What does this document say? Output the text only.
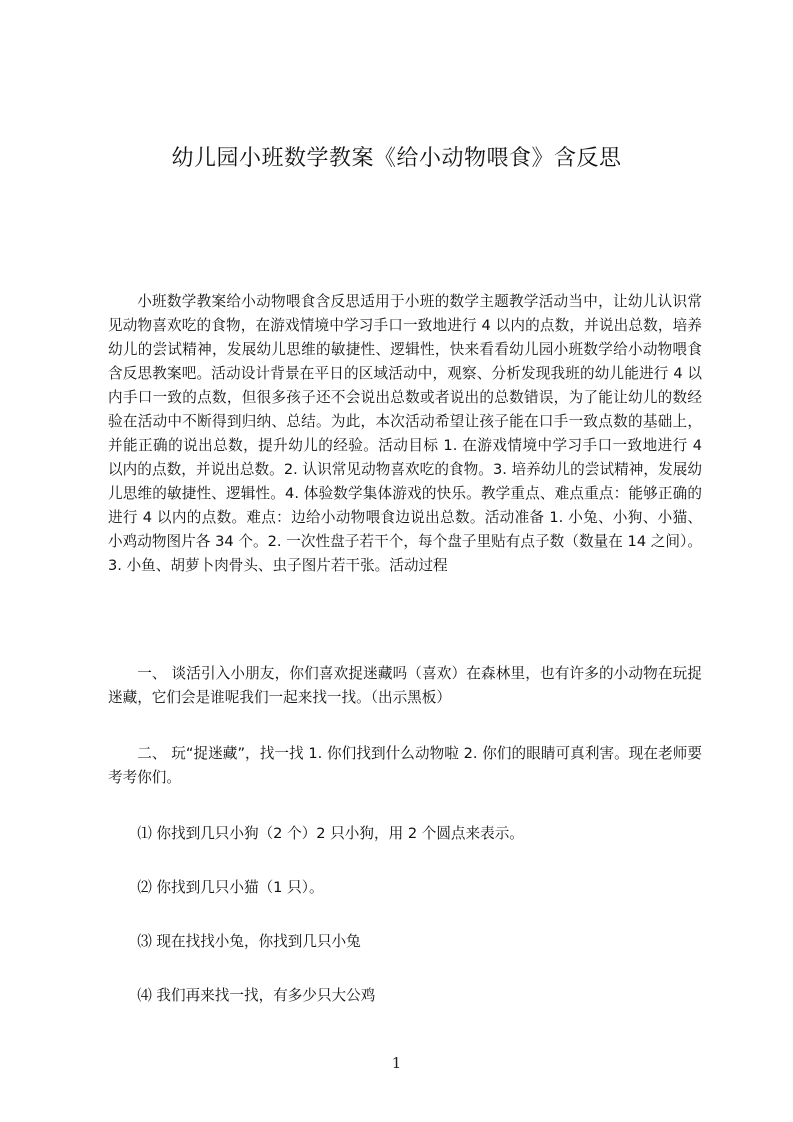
幼儿园小班数学教案《给小动物喂食》含反思

小班数学教案给小动物喂食含反思适用于小班的数学主题教学活动当中，让幼儿认识常见动物喜欢吃的食物，在游戏情境中学习手口一致地进行 4 以内的点数，并说出总数，培养幼儿的尝试精神，发展幼儿思维的敏捷性、逻辑性，快来看看幼儿园小班数学给小动物喂食含反思教案吧。活动设计背景在平日的区域活动中，观察、分析发现我班的幼儿能进行 4 以内手口一致的点数，但很多孩子还不会说出总数或者说出的总数错误，为了能让幼儿的数经验在活动中不断得到归纳、总结。为此，本次活动希望让孩子能在口手一致点数的基础上，并能正确的说出总数，提升幼儿的经验。活动目标 1. 在游戏情境中学习手口一致地进行 4 以内的点数，并说出总数。2. 认识常见动物喜欢吃的食物。3. 培养幼儿的尝试精神，发展幼儿思维的敏捷性、逻辑性。4. 体验数学集体游戏的快乐。教学重点、难点重点：能够正确的进行 4 以内的点数。难点：边给小动物喂食边说出总数。活动准备 1. 小兔、小狗、小猫、小鸡动物图片各 34 个。2. 一次性盘子若干个，每个盘子里贴有点子数（数量在 14 之间）。3. 小鱼、胡萝卜肉骨头、虫子图片若干张。活动过程

一、 谈活引入小朋友，你们喜欢捉迷藏吗（喜欢）在森林里，也有许多的小动物在玩捉迷藏，它们会是谁呢我们一起来找一找。（出示黑板）

二、 玩“捉迷藏”，找一找 1. 你们找到什么动物啦 2. 你们的眼睛可真利害。现在老师要考考你们。

⑴ 你找到几只小狗（2 个）2 只小狗，用 2 个圆点来表示。

⑵ 你找到几只小猫（1 只）。

⑶ 现在找找小兔，你找到几只小兔

⑷ 我们再来找一找，有多少只大公鸡

1
